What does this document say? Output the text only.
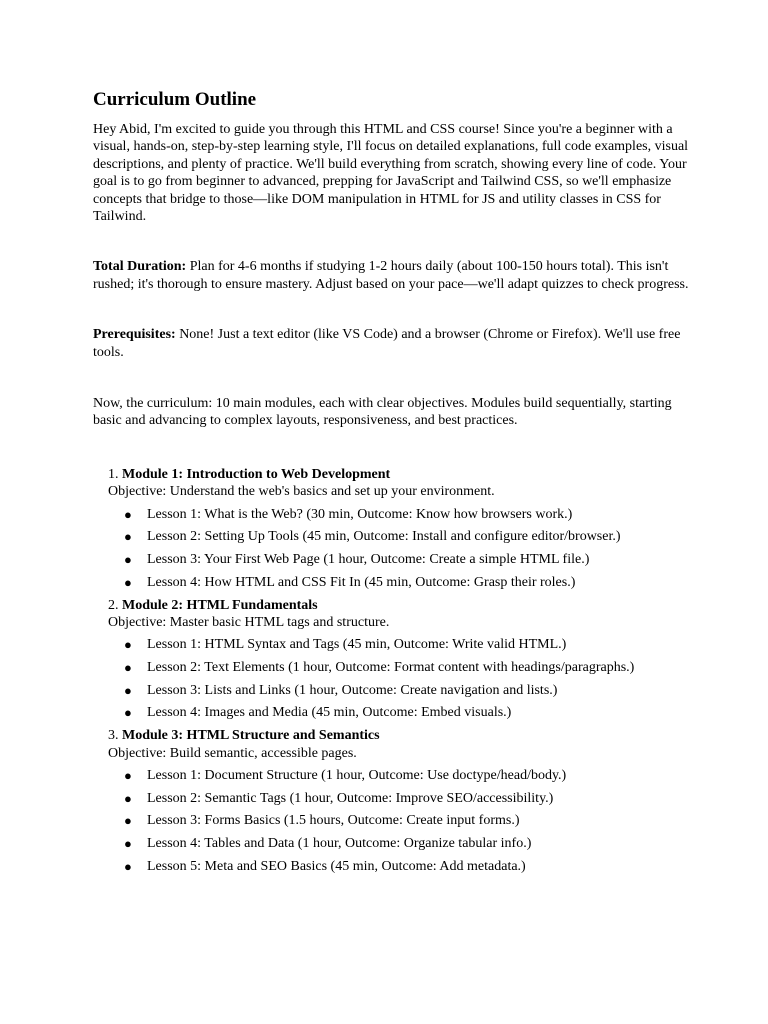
Curriculum Outline

Hey Abid, I'm excited to guide you through this HTML and CSS course! Since you're a beginner with a visual, hands-on, step-by-step learning style, I'll focus on detailed explanations, full code examples, visual descriptions, and plenty of practice. We'll build everything from scratch, showing every line of code. Your goal is to go from beginner to advanced, prepping for JavaScript and Tailwind CSS, so we'll emphasize concepts that bridge to those—like DOM manipulation in HTML for JS and utility classes in CSS for Tailwind.

Total Duration: Plan for 4-6 months if studying 1-2 hours daily (about 100-150 hours total). This isn't rushed; it's thorough to ensure mastery. Adjust based on your pace—we'll adapt quizzes to check progress.

Prerequisites: None! Just a text editor (like VS Code) and a browser (Chrome or Firefox). We'll use free tools.

Now, the curriculum: 10 main modules, each with clear objectives. Modules build sequentially, starting basic and advancing to complex layouts, responsiveness, and best practices.

1. Module 1: Introduction to Web Development
Objective: Understand the web's basics and set up your environment.
● Lesson 1: What is the Web? (30 min, Outcome: Know how browsers work.)
● Lesson 2: Setting Up Tools (45 min, Outcome: Install and configure editor/browser.)
● Lesson 3: Your First Web Page (1 hour, Outcome: Create a simple HTML file.)
● Lesson 4: How HTML and CSS Fit In (45 min, Outcome: Grasp their roles.)
2. Module 2: HTML Fundamentals
Objective: Master basic HTML tags and structure.
● Lesson 1: HTML Syntax and Tags (45 min, Outcome: Write valid HTML.)
● Lesson 2: Text Elements (1 hour, Outcome: Format content with headings/paragraphs.)
● Lesson 3: Lists and Links (1 hour, Outcome: Create navigation and lists.)
● Lesson 4: Images and Media (45 min, Outcome: Embed visuals.)
3. Module 3: HTML Structure and Semantics
Objective: Build semantic, accessible pages.
● Lesson 1: Document Structure (1 hour, Outcome: Use doctype/head/body.)
● Lesson 2: Semantic Tags (1 hour, Outcome: Improve SEO/accessibility.)
● Lesson 3: Forms Basics (1.5 hours, Outcome: Create input forms.)
● Lesson 4: Tables and Data (1 hour, Outcome: Organize tabular info.)
● Lesson 5: Meta and SEO Basics (45 min, Outcome: Add metadata.)
